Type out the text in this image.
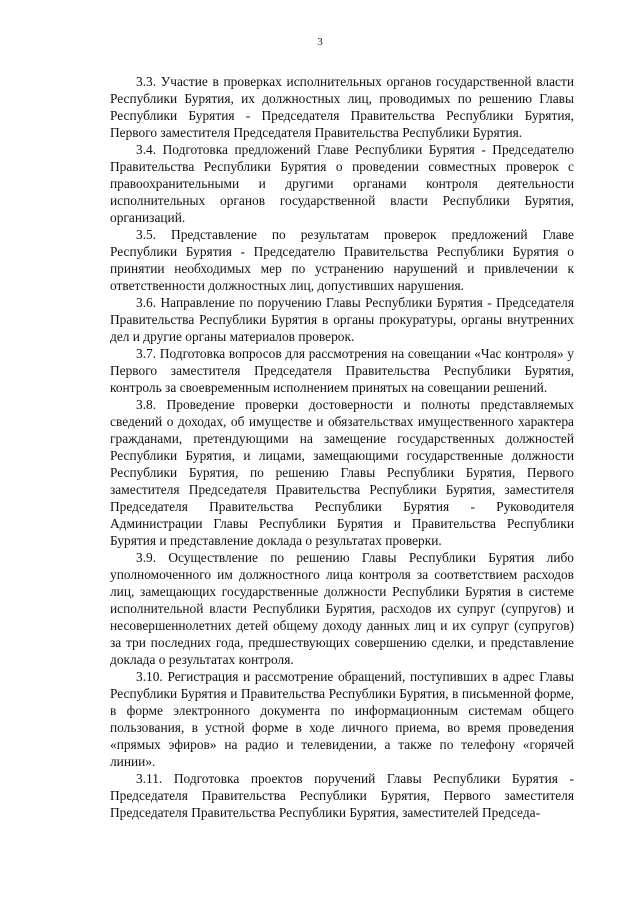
3

3.3. Участие в проверках исполнительных органов государственной власти Республики Бурятия, их должностных лиц, проводимых по решению Главы Республики Бурятия - Председателя Правительства Республики Бурятия, Первого заместителя Председателя Правительства Республики Бурятия.

3.4. Подготовка предложений Главе Республики Бурятия - Председателю Правительства Республики Бурятия о проведении совместных проверок с правоохранительными и другими органами контроля деятельности исполнительных органов государственной власти Республики Бурятия, организаций.

3.5. Представление по результатам проверок предложений Главе Республики Бурятия - Председателю Правительства Республики Бурятия о принятии необходимых мер по устранению нарушений и привлечении к ответственности должностных лиц, допустивших нарушения.

3.6. Направление по поручению Главы Республики Бурятия - Председателя Правительства Республики Бурятия в органы прокуратуры, органы внутренних дел и другие органы материалов проверок.

3.7. Подготовка вопросов для рассмотрения на совещании «Час контроля» у Первого заместителя Председателя Правительства Республики Бурятия, контроль за своевременным исполнением принятых на совещании решений.

3.8. Проведение проверки достоверности и полноты представляемых сведений о доходах, об имуществе и обязательствах имущественного характера гражданами, претендующими на замещение государственных должностей Республики Бурятия, и лицами, замещающими государственные должности Республики Бурятия, по решению Главы Республики Бурятия, Первого заместителя Председателя Правительства Республики Бурятия, заместителя Председателя Правительства Республики Бурятия - Руководителя Администрации Главы Республики Бурятия и Правительства Республики Бурятия и представление доклада о результатах проверки.

3.9. Осуществление по решению Главы Республики Бурятия либо уполномоченного им должностного лица контроля за соответствием расходов лиц, замещающих государственные должности Республики Бурятия в системе исполнительной власти Республики Бурятия, расходов их супруг (супругов) и несовершеннолетних детей общему доходу данных лиц и их супруг (супругов) за три последних года, предшествующих совершению сделки, и представление доклада о результатах контроля.

3.10. Регистрация и рассмотрение обращений, поступивших в адрес Главы Республики Бурятия и Правительства Республики Бурятия, в письменной форме, в форме электронного документа по информационным системам общего пользования, в устной форме в ходе личного приема, во время проведения «прямых эфиров» на радио и телевидении, а также по телефону «горячей линии».

3.11. Подготовка проектов поручений Главы Республики Бурятия - Председателя Правительства Республики Бурятия, Первого заместителя Председателя Правительства Республики Бурятия, заместителей Председа-
